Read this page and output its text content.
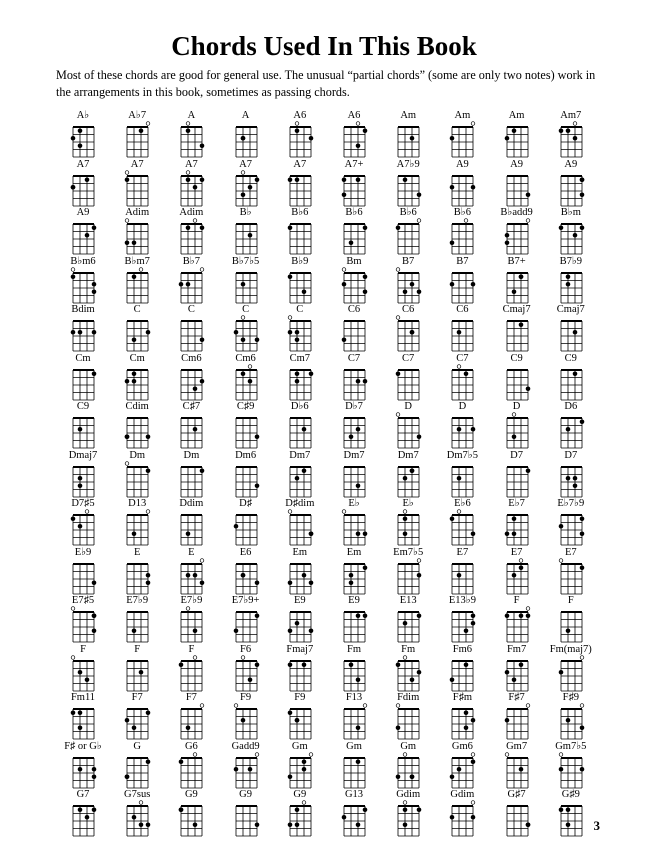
Chords Used In This Book

Most of these chords are good for general use. The unusual “partial chords” (some are only two notes) work in the arrangements in this book, sometimes as passing chords.

A♭	A♭7	A	A	A6	A6	Am	Am	Am	Am7
A7	A7	A7	A7	A7	A7+	A7♭9	A9	A9	A9
A9	Adim	Adim	B♭	B♭6	B♭6	B♭6	B♭6	B♭add9	B♭m
B♭m6	B♭m7	B♭7	B♭7♭5	B♭9	Bm	B7	B7	B7+	B7♭9
Bdim	C	C	C	C	C6	C6	C6	Cmaj7	Cmaj7
Cm	Cm	Cm6	Cm6	Cm7	C7	C7	C7	C9	C9
C9	Cdim	C♯7	C♯9	D♭6	D♭7	D	D	D	D6
Dmaj7	Dm	Dm	Dm6	Dm7	Dm7	Dm7	Dm7♭5	D7	D7
D7♯5	D13	Ddim	D♯	D♯dim	E♭	E♭	E♭6	E♭7	E♭7♭9
E♭9	E	E	E6	Em	Em	Em7♭5	E7	E7	E7
E7♯5	E7♭9	E7♭9	E7♭9+	E9	E9	E13	E13♭9	F	F
F	F	F	F6	Fmaj7	Fm	Fm	Fm6	Fm7	Fm(maj7)
Fm11	F7	F7	F9	F9	F13	Fdim	F♯m	F♯7	F♯9
F♯ or G♭	G	G6	Gadd9	Gm	Gm	Gm	Gm6	Gm7	Gm7♭5
G7	G7sus	G9	G9	G9	G13	Gdim	Gdim	G♯7	G♯9
3
